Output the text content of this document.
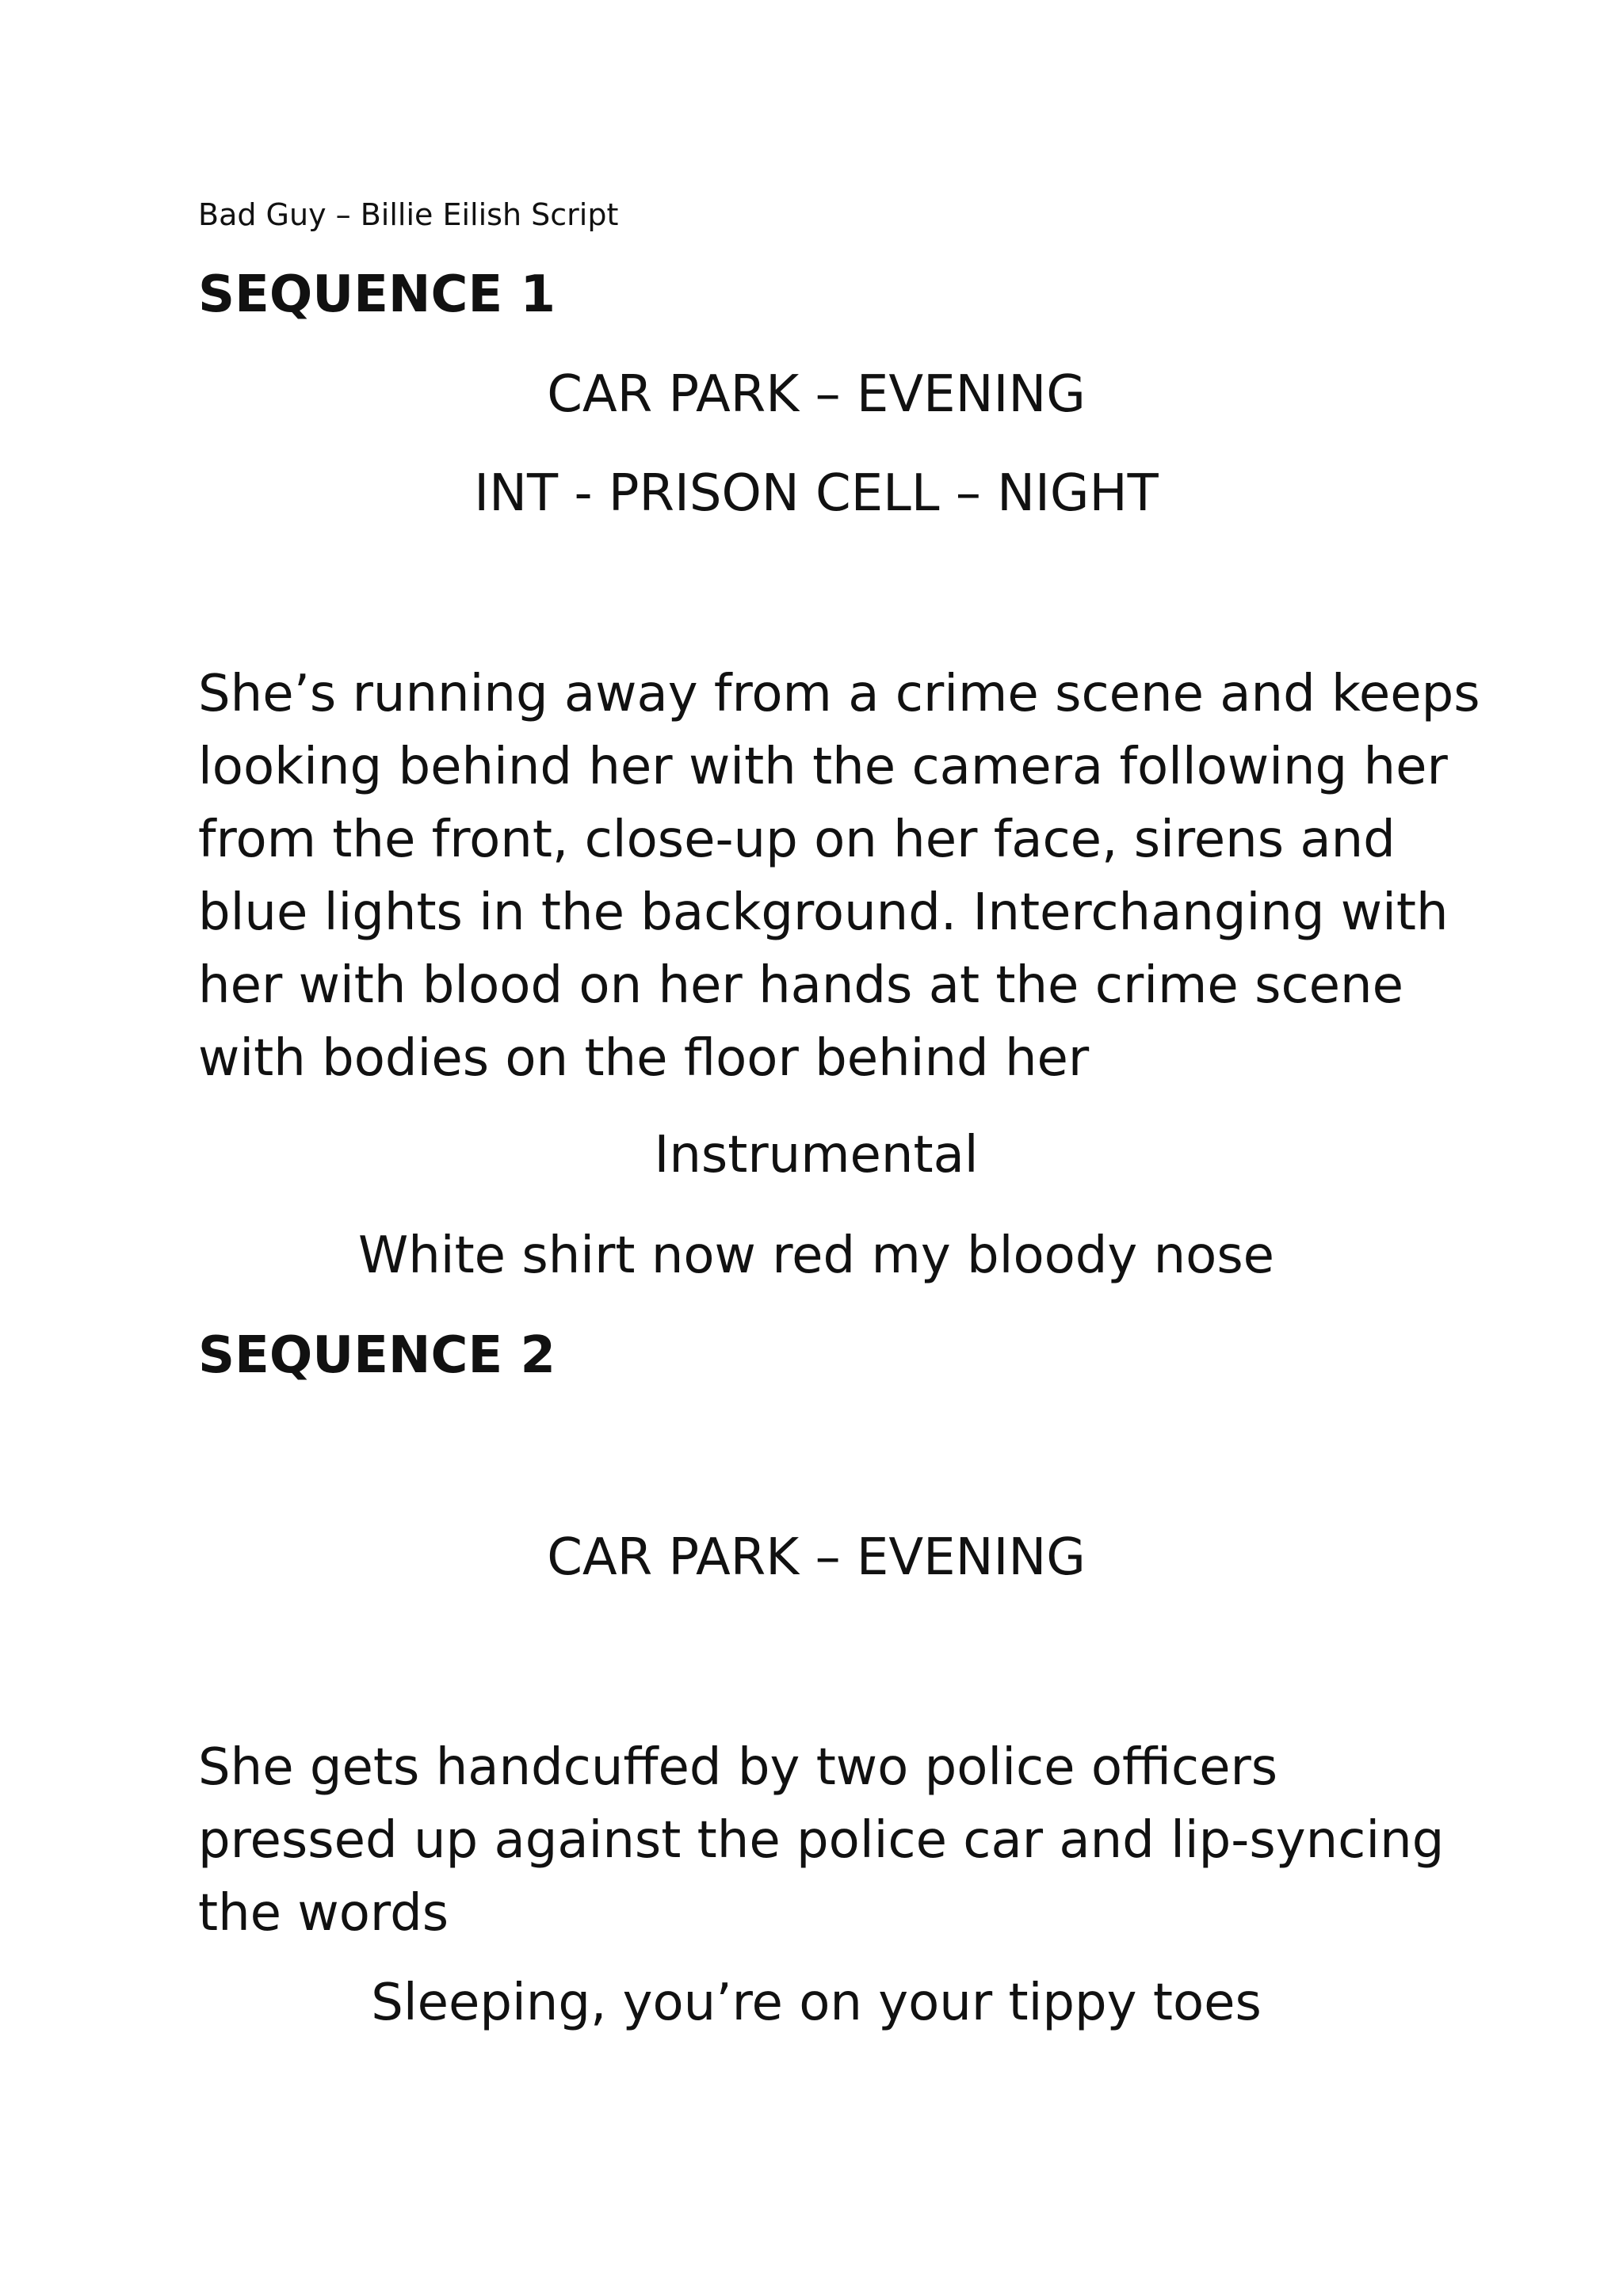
Bad Guy – Billie Eilish Script

SEQUENCE 1

CAR PARK – EVENING

INT - PRISON CELL – NIGHT

She’s running away from a crime scene and keeps
looking behind her with the camera following her
from the front, close-up on her face, sirens and
blue lights in the background. Interchanging with
her with blood on her hands at the crime scene
with bodies on the floor behind her

Instrumental

White shirt now red my bloody nose

SEQUENCE 2

CAR PARK – EVENING

She gets handcuffed by two police officers
pressed up against the police car and lip-syncing
the words

Sleeping, you’re on your tippy toes
